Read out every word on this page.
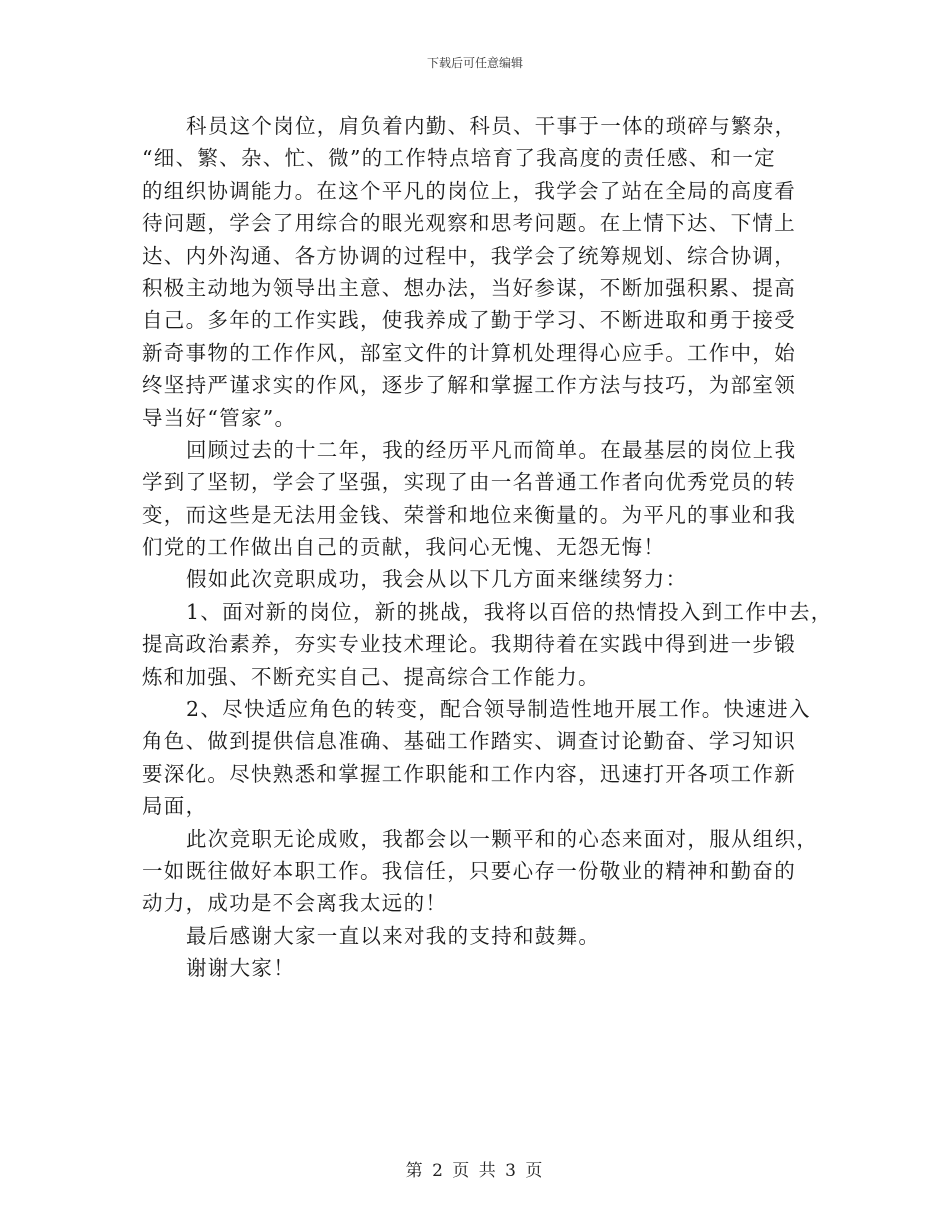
下载后可任意编辑
科员这个岗位，肩负着内勤、科员、干事于一体的琐碎与繁杂，
“细、繁、杂、忙、微”的工作特点培育了我高度的责任感、和一定
的组织协调能力。在这个平凡的岗位上，我学会了站在全局的高度看
待问题，学会了用综合的眼光观察和思考问题。在上情下达、下情上
达、内外沟通、各方协调的过程中，我学会了统筹规划、综合协调，
积极主动地为领导出主意、想办法，当好参谋，不断加强积累、提高
自己。多年的工作实践，使我养成了勤于学习、不断进取和勇于接受
新奇事物的工作作风，部室文件的计算机处理得心应手。工作中，始
终坚持严谨求实的作风，逐步了解和掌握工作方法与技巧，为部室领
导当好“管家”。
回顾过去的十二年，我的经历平凡而简单。在最基层的岗位上我
学到了坚韧，学会了坚强，实现了由一名普通工作者向优秀党员的转
变，而这些是无法用金钱、荣誉和地位来衡量的。为平凡的事业和我
们党的工作做出自己的贡献，我问心无愧、无怨无悔！
假如此次竞职成功，我会从以下几方面来继续努力：
1、面对新的岗位，新的挑战，我将以百倍的热情投入到工作中去，
提高政治素养，夯实专业技术理论。我期待着在实践中得到进一步锻
炼和加强、不断充实自己、提高综合工作能力。
2、尽快适应角色的转变，配合领导制造性地开展工作。快速进入
角色、做到提供信息准确、基础工作踏实、调查讨论勤奋、学习知识
要深化。尽快熟悉和掌握工作职能和工作内容，迅速打开各项工作新
局面，
此次竞职无论成败，我都会以一颗平和的心态来面对，服从组织，
一如既往做好本职工作。我信任，只要心存一份敬业的精神和勤奋的
动力，成功是不会离我太远的！
最后感谢大家一直以来对我的支持和鼓舞。
谢谢大家！
第 2 页 共 3 页
